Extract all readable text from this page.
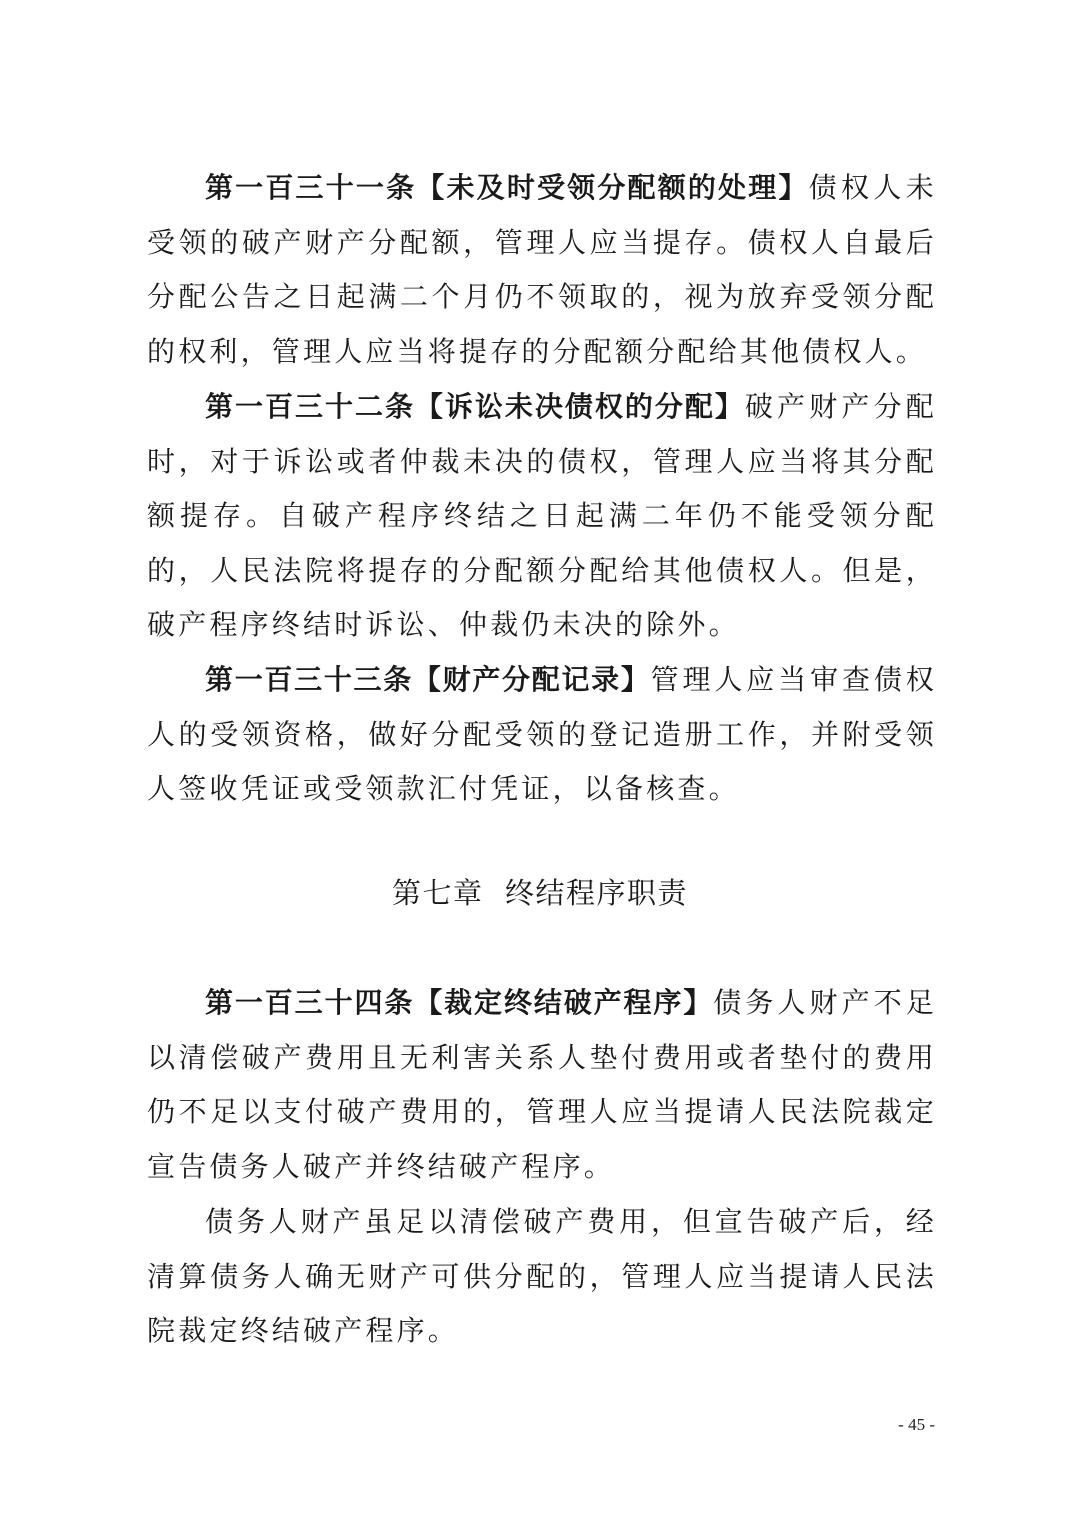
第一百三十一条【未及时受领分配额的处理】债权人未受领的破产财产分配额，管理人应当提存。债权人自最后分配公告之日起满二个月仍不领取的，视为放弃受领分配的权利，管理人应当将提存的分配额分配给其他债权人。

第一百三十二条【诉讼未决债权的分配】破产财产分配时，对于诉讼或者仲裁未决的债权，管理人应当将其分配额提存。自破产程序终结之日起满二年仍不能受领分配的，人民法院将提存的分配额分配给其他债权人。但是，破产程序终结时诉讼、仲裁仍未决的除外。

第一百三十三条【财产分配记录】管理人应当审查债权人的受领资格，做好分配受领的登记造册工作，并附受领人签收凭证或受领款汇付凭证，以备核查。

第七章  终结程序职责

第一百三十四条【裁定终结破产程序】债务人财产不足以清偿破产费用且无利害关系人垫付费用或者垫付的费用仍不足以支付破产费用的，管理人应当提请人民法院裁定宣告债务人破产并终结破产程序。

债务人财产虽足以清偿破产费用，但宣告破产后，经清算债务人确无财产可供分配的，管理人应当提请人民法院裁定终结破产程序。

- 45 -
